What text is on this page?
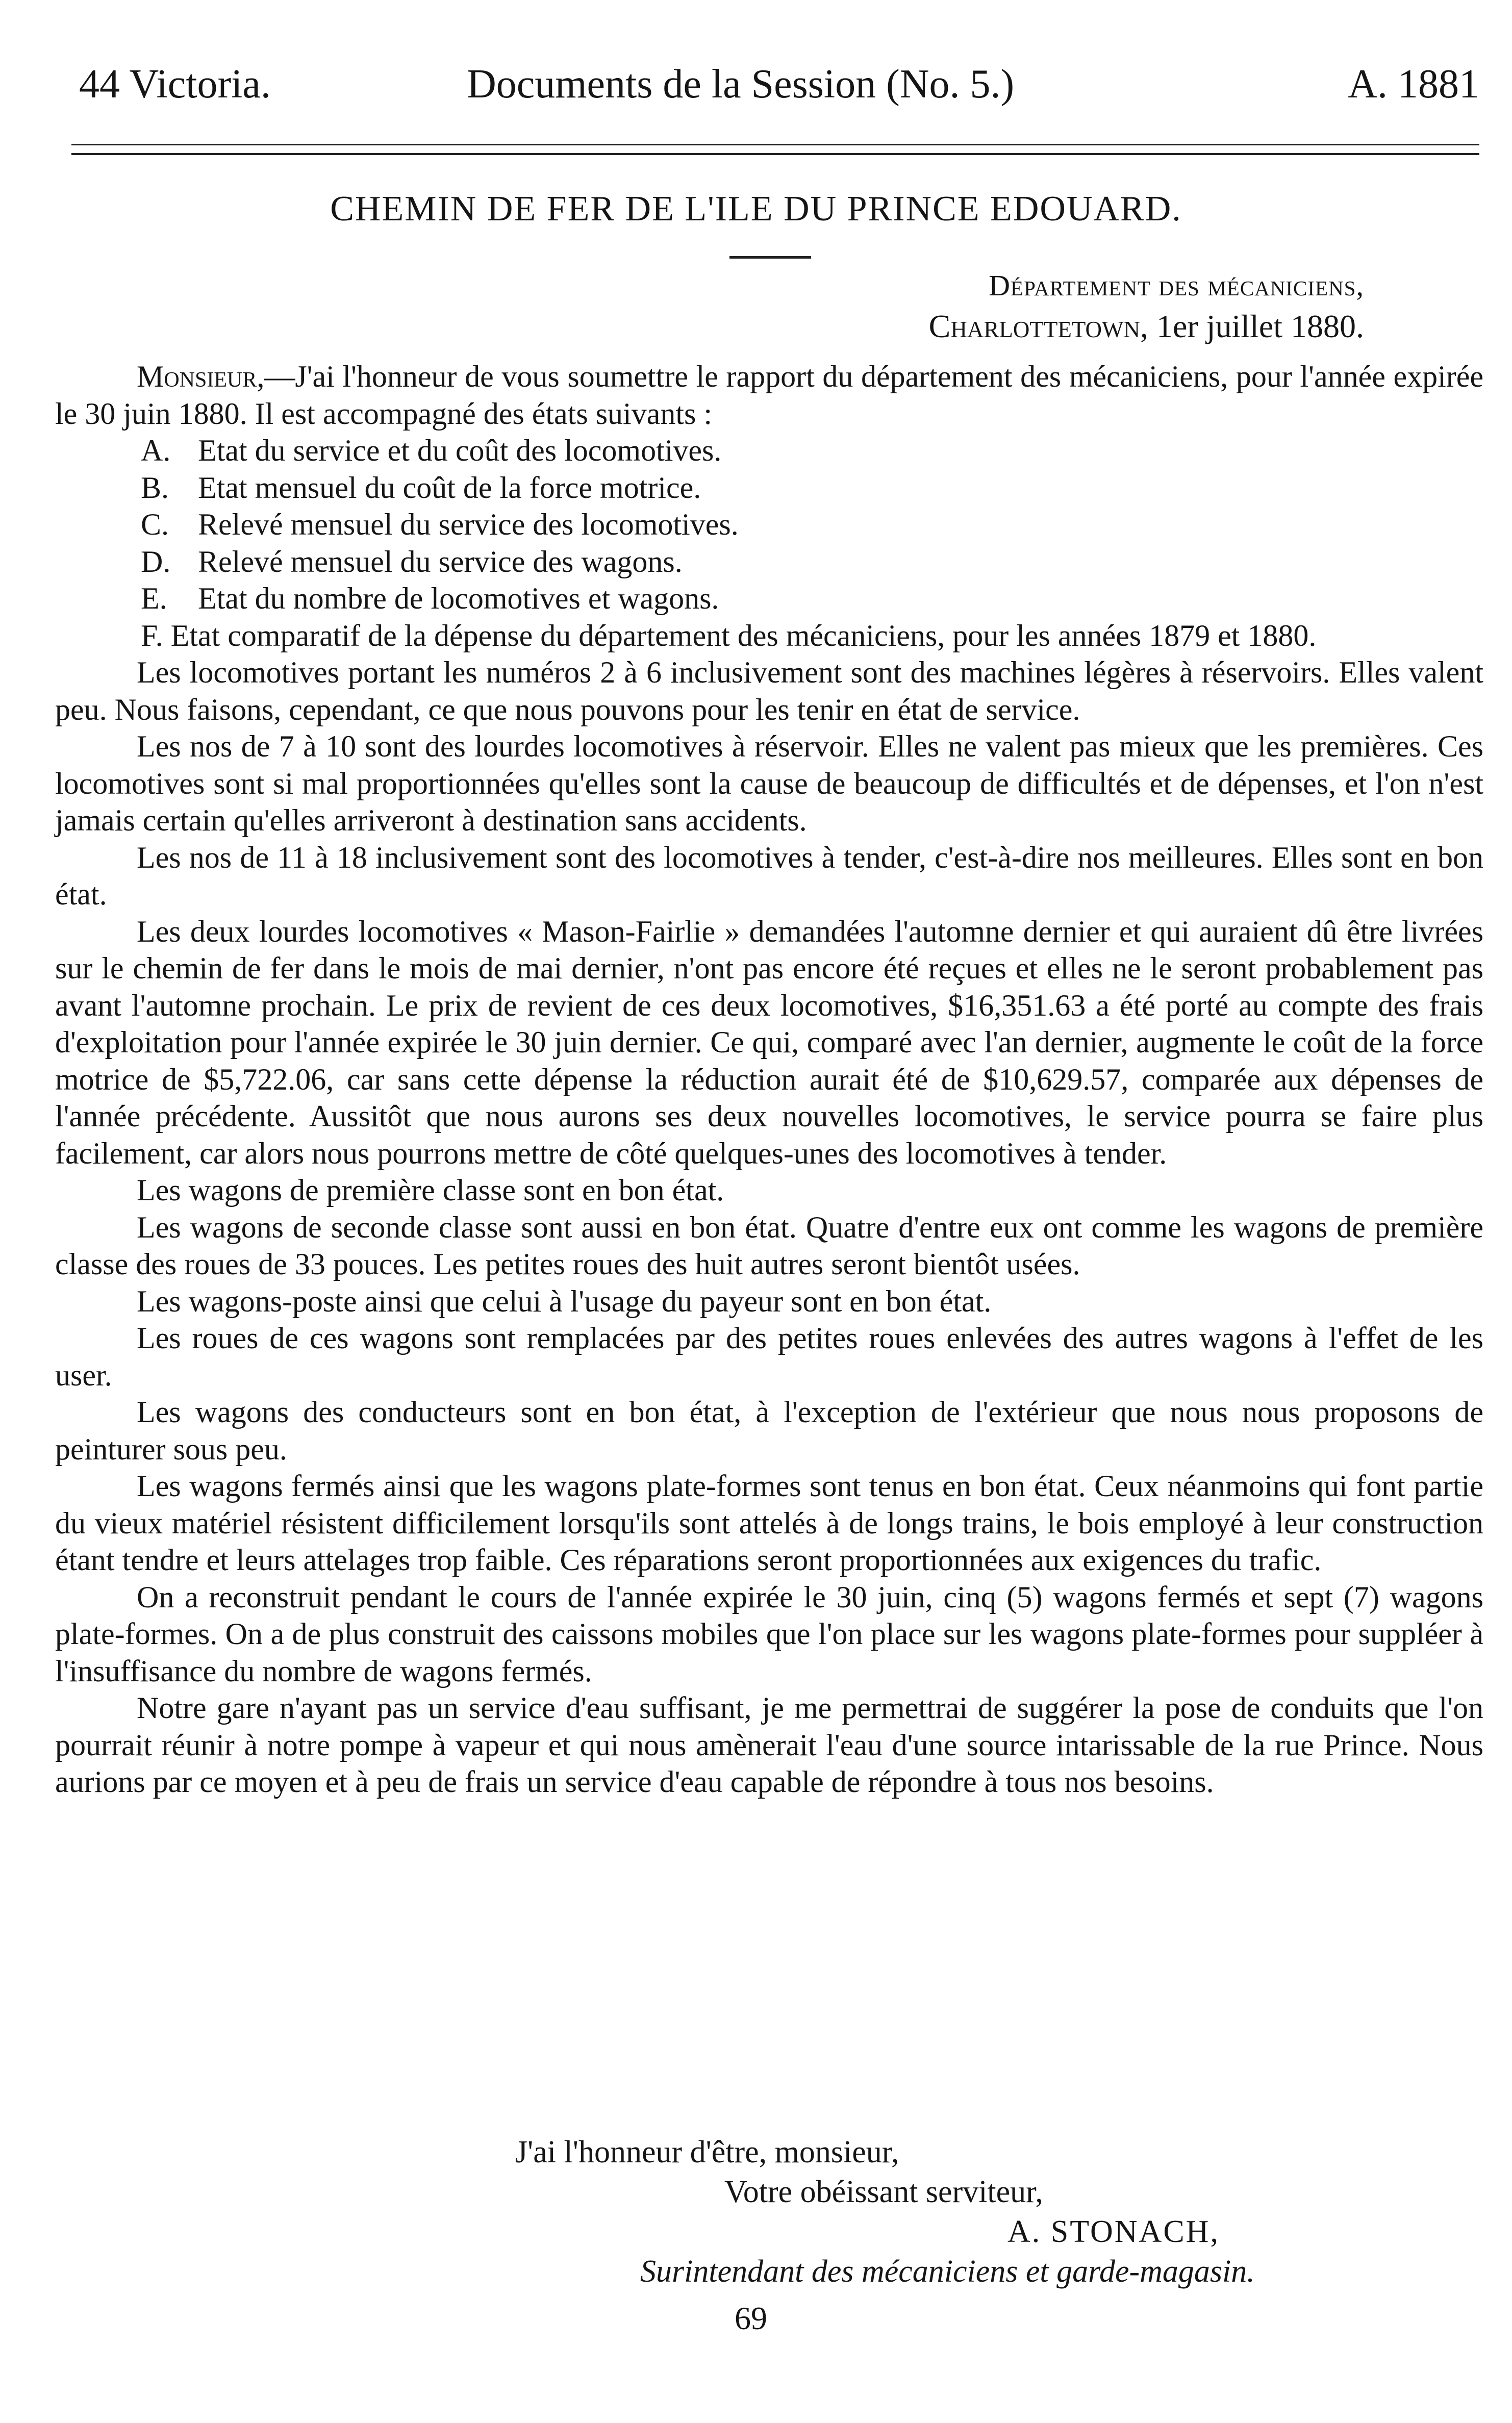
44 Victoria.	Documents de la Session (No. 5.)	A. 1881
CHEMIN DE FER DE L'ILE DU PRINCE EDOUARD.
Département des mécaniciens,
Charlottetown, 1er juillet 1880.

Monsieur,—J'ai l'honneur de vous soumettre le rapport du département des mécaniciens, pour l'année expirée le 30 juin 1880. Il est accompagné des états suivants :

A. Etat du service et du coût des locomotives.
B. Etat mensuel du coût de la force motrice.
C. Relevé mensuel du service des locomotives.
D. Relevé mensuel du service des wagons.
E. Etat du nombre de locomotives et wagons.

F. Etat comparatif de la dépense du département des mécaniciens, pour les années 1879 et 1880.

Les locomotives portant les numéros 2 à 6 inclusivement sont des machines légères à réservoirs. Elles valent peu. Nous faisons, cependant, ce que nous pouvons pour les tenir en état de service.

Les nos de 7 à 10 sont des lourdes locomotives à réservoir. Elles ne valent pas mieux que les premières. Ces locomotives sont si mal proportionnées qu'elles sont la cause de beaucoup de difficultés et de dépenses, et l'on n'est jamais certain qu'elles arriveront à destination sans accidents.

Les nos de 11 à 18 inclusivement sont des locomotives à tender, c'est-à-dire nos meilleures. Elles sont en bon état.

Les deux lourdes locomotives « Mason-Fairlie » demandées l'automne dernier et qui auraient dû être livrées sur le chemin de fer dans le mois de mai dernier, n'ont pas encore été reçues et elles ne le seront probablement pas avant l'automne prochain. Le prix de revient de ces deux locomotives, $16,351.63 a été porté au compte des frais d'exploitation pour l'année expirée le 30 juin dernier. Ce qui, comparé avec l'an dernier, augmente le coût de la force motrice de $5,722.06, car sans cette dépense la réduction aurait été de $10,629.57, comparée aux dépenses de l'année précédente. Aussitôt que nous aurons ses deux nouvelles locomotives, le service pourra se faire plus facilement, car alors nous pourrons mettre de côté quelques-unes des locomotives à tender.

Les wagons de première classe sont en bon état.

Les wagons de seconde classe sont aussi en bon état. Quatre d'entre eux ont comme les wagons de première classe des roues de 33 pouces. Les petites roues des huit autres seront bientôt usées.

Les wagons-poste ainsi que celui à l'usage du payeur sont en bon état.

Les roues de ces wagons sont remplacées par des petites roues enlevées des autres wagons à l'effet de les user.

Les wagons des conducteurs sont en bon état, à l'exception de l'extérieur que nous nous proposons de peinturer sous peu.

Les wagons fermés ainsi que les wagons plate-formes sont tenus en bon état. Ceux néanmoins qui font partie du vieux matériel résistent difficilement lorsqu'ils sont attelés à de longs trains, le bois employé à leur construction étant tendre et leurs attelages trop faible. Ces réparations seront proportionnées aux exigences du trafic.

On a reconstruit pendant le cours de l'année expirée le 30 juin, cinq (5) wagons fermés et sept (7) wagons plate-formes. On a de plus construit des caissons mobiles que l'on place sur les wagons plate-formes pour suppléer à l'insuffisance du nombre de wagons fermés.

Notre gare n'ayant pas un service d'eau suffisant, je me permettrai de suggérer la pose de conduits que l'on pourrait réunir à notre pompe à vapeur et qui nous amènerait l'eau d'une source intarissable de la rue Prince. Nous aurions par ce moyen et à peu de frais un service d'eau capable de répondre à tous nos besoins.

J'ai l'honneur d'être, monsieur,
Votre obéissant serviteur,
A. STONACH,
Surintendant des mécaniciens et garde-magasin.
69
